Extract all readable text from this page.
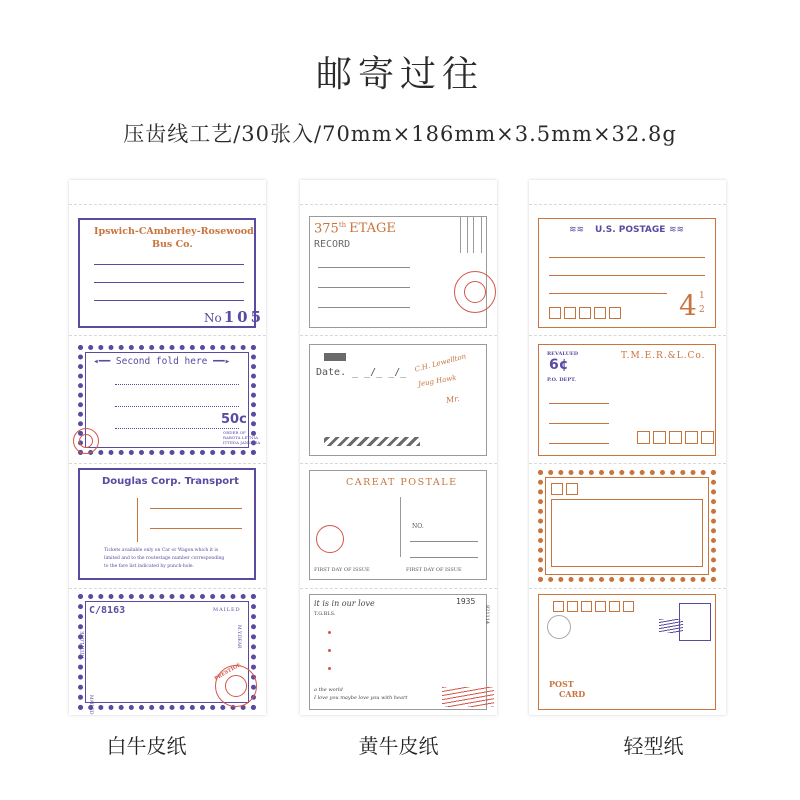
邮寄过往
压齿线工艺/30张入/70mm×186mm×3.5mm×32.8g
Ipswich-CAmberley-Rosewood
Bus Co.
No 105
◂━━ Second fold here ━━▸
50c
ORDER OF
RABOTA LETNIA
ITTEDA JANUARA
Douglas Corp. Transport
Tickets available only on Car or Wagon which it is
limited and to the routestage number corresponding
to the fare list indicated by punch-hole.
C/8163	MAILED
WITH LOVE
MAILED
M.Y.DEAR
PRESTIGE
375th ETAGE
RECORD
Date. _ _/_ _/_ C.H. Lewellton
Jeug Hawk
Mr.
CAREAT POSTALE
NO.
FIRST DAY OF ISSUE	FIRST DAY OF ISSUE
it is in our love	1935
T.G.BLS.	821114
a the world
I love you maybe love you with heart
≋≋ U.S. POSTAGE ≋≋
4 1
2
REVALUED
6¢
P.O. DEPT.
T.M.E.R.&L.Co.
POST
CARD
白牛皮纸	黄牛皮纸	轻型纸
